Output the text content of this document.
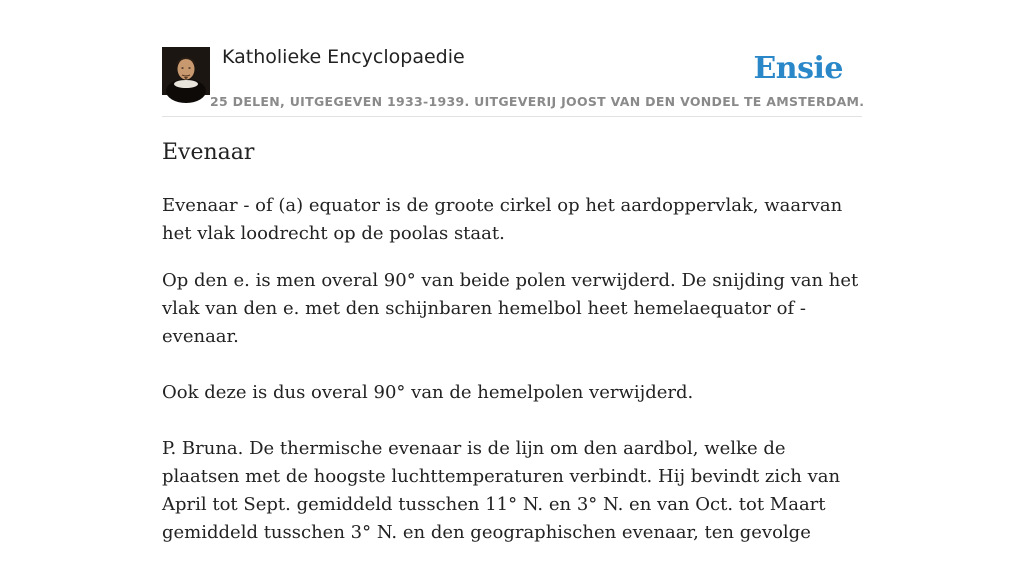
Katholieke Encyclopaedie
25 DELEN, UITGEGEVEN 1933-1939. UITGEVERIJ JOOST VAN DEN VONDEL TE AMSTERDAM.
Ensie
Evenaar

Evenaar - of (a) equator is de groote cirkel op het aardoppervlak, waarvan het vlak loodrecht op de poolas staat.

Op den e. is men overal 90° van beide polen verwijderd. De snijding van het vlak van den e. met den schijnbaren hemelbol heet hemelaequator of -evenaar.

Ook deze is dus overal 90° van de hemelpolen verwijderd.

P. Bruna. De thermische evenaar is de lijn om den aardbol, welke de plaatsen met de hoogste luchttemperaturen verbindt. Hij bevindt zich van April tot Sept. gemiddeld tusschen 11° N. en 3° N. en van Oct. tot Maart gemiddeld tusschen 3° N. en den geographischen evenaar, ten gevolge
